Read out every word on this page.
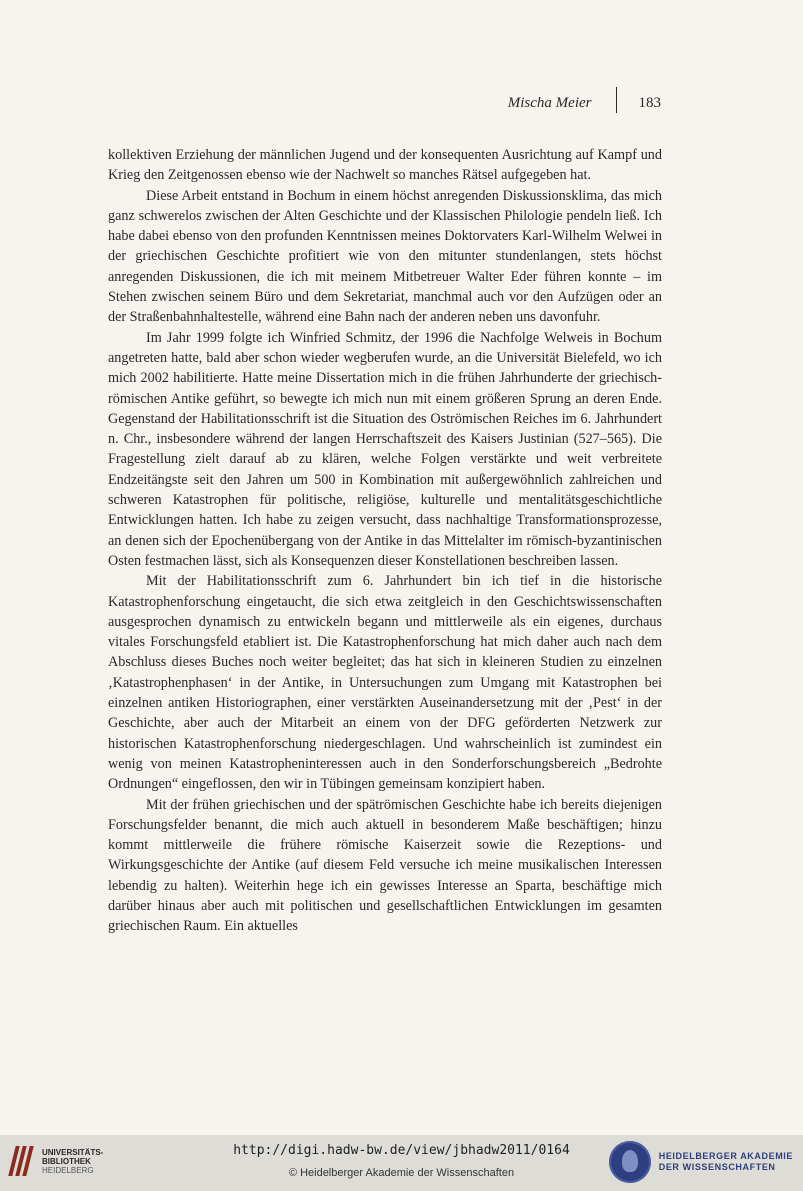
Mischa Meier	183

kollektiven Erziehung der männlichen Jugend und der konsequenten Ausrichtung auf Kampf und Krieg den Zeitgenossen ebenso wie der Nachwelt so manches Rätsel aufgegeben hat.

Diese Arbeit entstand in Bochum in einem höchst anregenden Diskussionsklima, das mich ganz schwerelos zwischen der Alten Geschichte und der Klassischen Philologie pendeln ließ. Ich habe dabei ebenso von den profunden Kenntnissen meines Doktorvaters Karl-Wilhelm Welwei in der griechischen Geschichte profitiert wie von den mitunter stundenlangen, stets höchst anregenden Diskussionen, die ich mit meinem Mitbetreuer Walter Eder führen konnte – im Stehen zwischen seinem Büro und dem Sekretariat, manchmal auch vor den Aufzügen oder an der Straßenbahnhaltestelle, während eine Bahn nach der anderen neben uns davonfuhr.

Im Jahr 1999 folgte ich Winfried Schmitz, der 1996 die Nachfolge Welweis in Bochum angetreten hatte, bald aber schon wieder wegberufen wurde, an die Universität Bielefeld, wo ich mich 2002 habilitierte. Hatte meine Dissertation mich in die frühen Jahrhunderte der griechisch-römischen Antike geführt, so bewegte ich mich nun mit einem größeren Sprung an deren Ende. Gegenstand der Habilitationsschrift ist die Situation des Oströmischen Reiches im 6. Jahrhundert n. Chr., insbesondere während der langen Herrschaftszeit des Kaisers Justinian (527–565). Die Fragestellung zielt darauf ab zu klären, welche Folgen verstärkte und weit verbreitete Endzeitängste seit den Jahren um 500 in Kombination mit außergewöhnlich zahlreichen und schweren Katastrophen für politische, religiöse, kulturelle und mentalitätsgeschichtliche Entwicklungen hatten. Ich habe zu zeigen versucht, dass nachhaltige Transformationsprozesse, an denen sich der Epochenübergang von der Antike in das Mittelalter im römisch-byzantinischen Osten festmachen lässt, sich als Konsequenzen dieser Konstellationen beschreiben lassen.

Mit der Habilitationsschrift zum 6. Jahrhundert bin ich tief in die historische Katastrophenforschung eingetaucht, die sich etwa zeitgleich in den Geschichtswissenschaften ausgesprochen dynamisch zu entwickeln begann und mittlerweile als ein eigenes, durchaus vitales Forschungsfeld etabliert ist. Die Katastrophenforschung hat mich daher auch nach dem Abschluss dieses Buches noch weiter begleitet; das hat sich in kleineren Studien zu einzelnen ‚Katastrophenphasen‘ in der Antike, in Untersuchungen zum Umgang mit Katastrophen bei einzelnen antiken Historiographen, einer verstärkten Auseinandersetzung mit der ‚Pest‘ in der Geschichte, aber auch der Mitarbeit an einem von der DFG geförderten Netzwerk zur historischen Katastrophenforschung niedergeschlagen. Und wahrscheinlich ist zumindest ein wenig von meinen Katastropheninteressen auch in den Sonderforschungsbereich „Bedrohte Ordnungen“ eingeflossen, den wir in Tübingen gemeinsam konzipiert haben.

Mit der frühen griechischen und der spätrömischen Geschichte habe ich bereits diejenigen Forschungsfelder benannt, die mich auch aktuell in besonderem Maße beschäftigen; hinzu kommt mittlerweile die frühere römische Kaiserzeit sowie die Rezeptions- und Wirkungsgeschichte der Antike (auf diesem Feld versuche ich meine musikalischen Interessen lebendig zu halten). Weiterhin hege ich ein gewisses Interesse an Sparta, beschäftige mich darüber hinaus aber auch mit politischen und gesellschaftlichen Entwicklungen im gesamten griechischen Raum. Ein aktuelles

UNIVERSITÄTS-
BIBLIOTHEK
HEIDELBERG
http://digi.hadw-bw.de/view/jbhadw2011/0164
© Heidelberger Akademie der Wissenschaften
HEIDELBERGER AKADEMIE
DER WISSENSCHAFTEN
